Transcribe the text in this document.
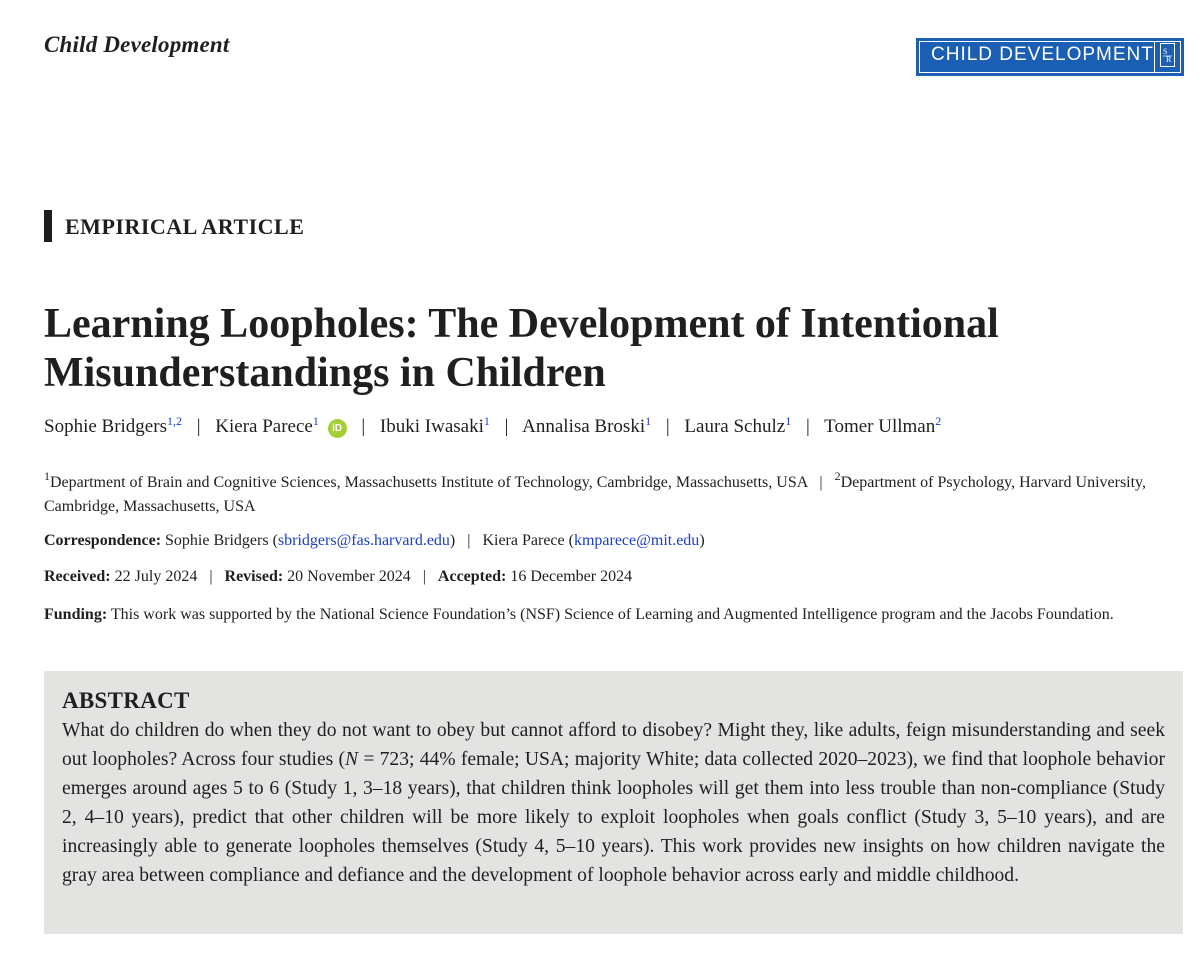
Child Development	CHILD DEVELOPMENT S
R
EMPIRICAL ARTICLE
Learning Loopholes: The Development of Intentional Misunderstandings in Children
Sophie Bridgers$^{1,2}$ | Kiera Parece$^1$ iD | Ibuki Iwasaki$^1$ | Annalisa Broski$^1$ | Laura Schulz$^1$ | Tomer Ullman$^2$
$^1$Department of Brain and Cognitive Sciences, Massachusetts Institute of Technology, Cambridge, Massachusetts, USA | $^2$Department of Psychology, Harvard University, Cambridge, Massachusetts, USA
Correspondence: Sophie Bridgers (sbridgers@fas.harvard.edu) | Kiera Parece (kmparece@mit.edu)
Received: 22 July 2024 | Revised: 20 November 2024 | Accepted: 16 December 2024
Funding: This work was supported by the National Science Foundation’s (NSF) Science of Learning and Augmented Intelligence program and the Jacobs Foundation.
ABSTRACT
What do children do when they do not want to obey but cannot afford to disobey? Might they, like adults, feign misunderstanding and seek out loopholes? Across four studies (N = 723; 44% female; USA; majority White; data collected 2020–2023), we find that loophole behavior emerges around ages 5 to 6 (Study 1, 3–18 years), that children think loopholes will get them into less trouble than non-compliance (Study 2, 4–10 years), predict that other children will be more likely to exploit loopholes when goals conflict (Study 3, 5–10 years), and are increasingly able to generate loopholes themselves (Study 4, 5–10 years). This work provides new insights on how children navigate the gray area between compliance and defiance and the development of loophole behavior across early and middle childhood.
